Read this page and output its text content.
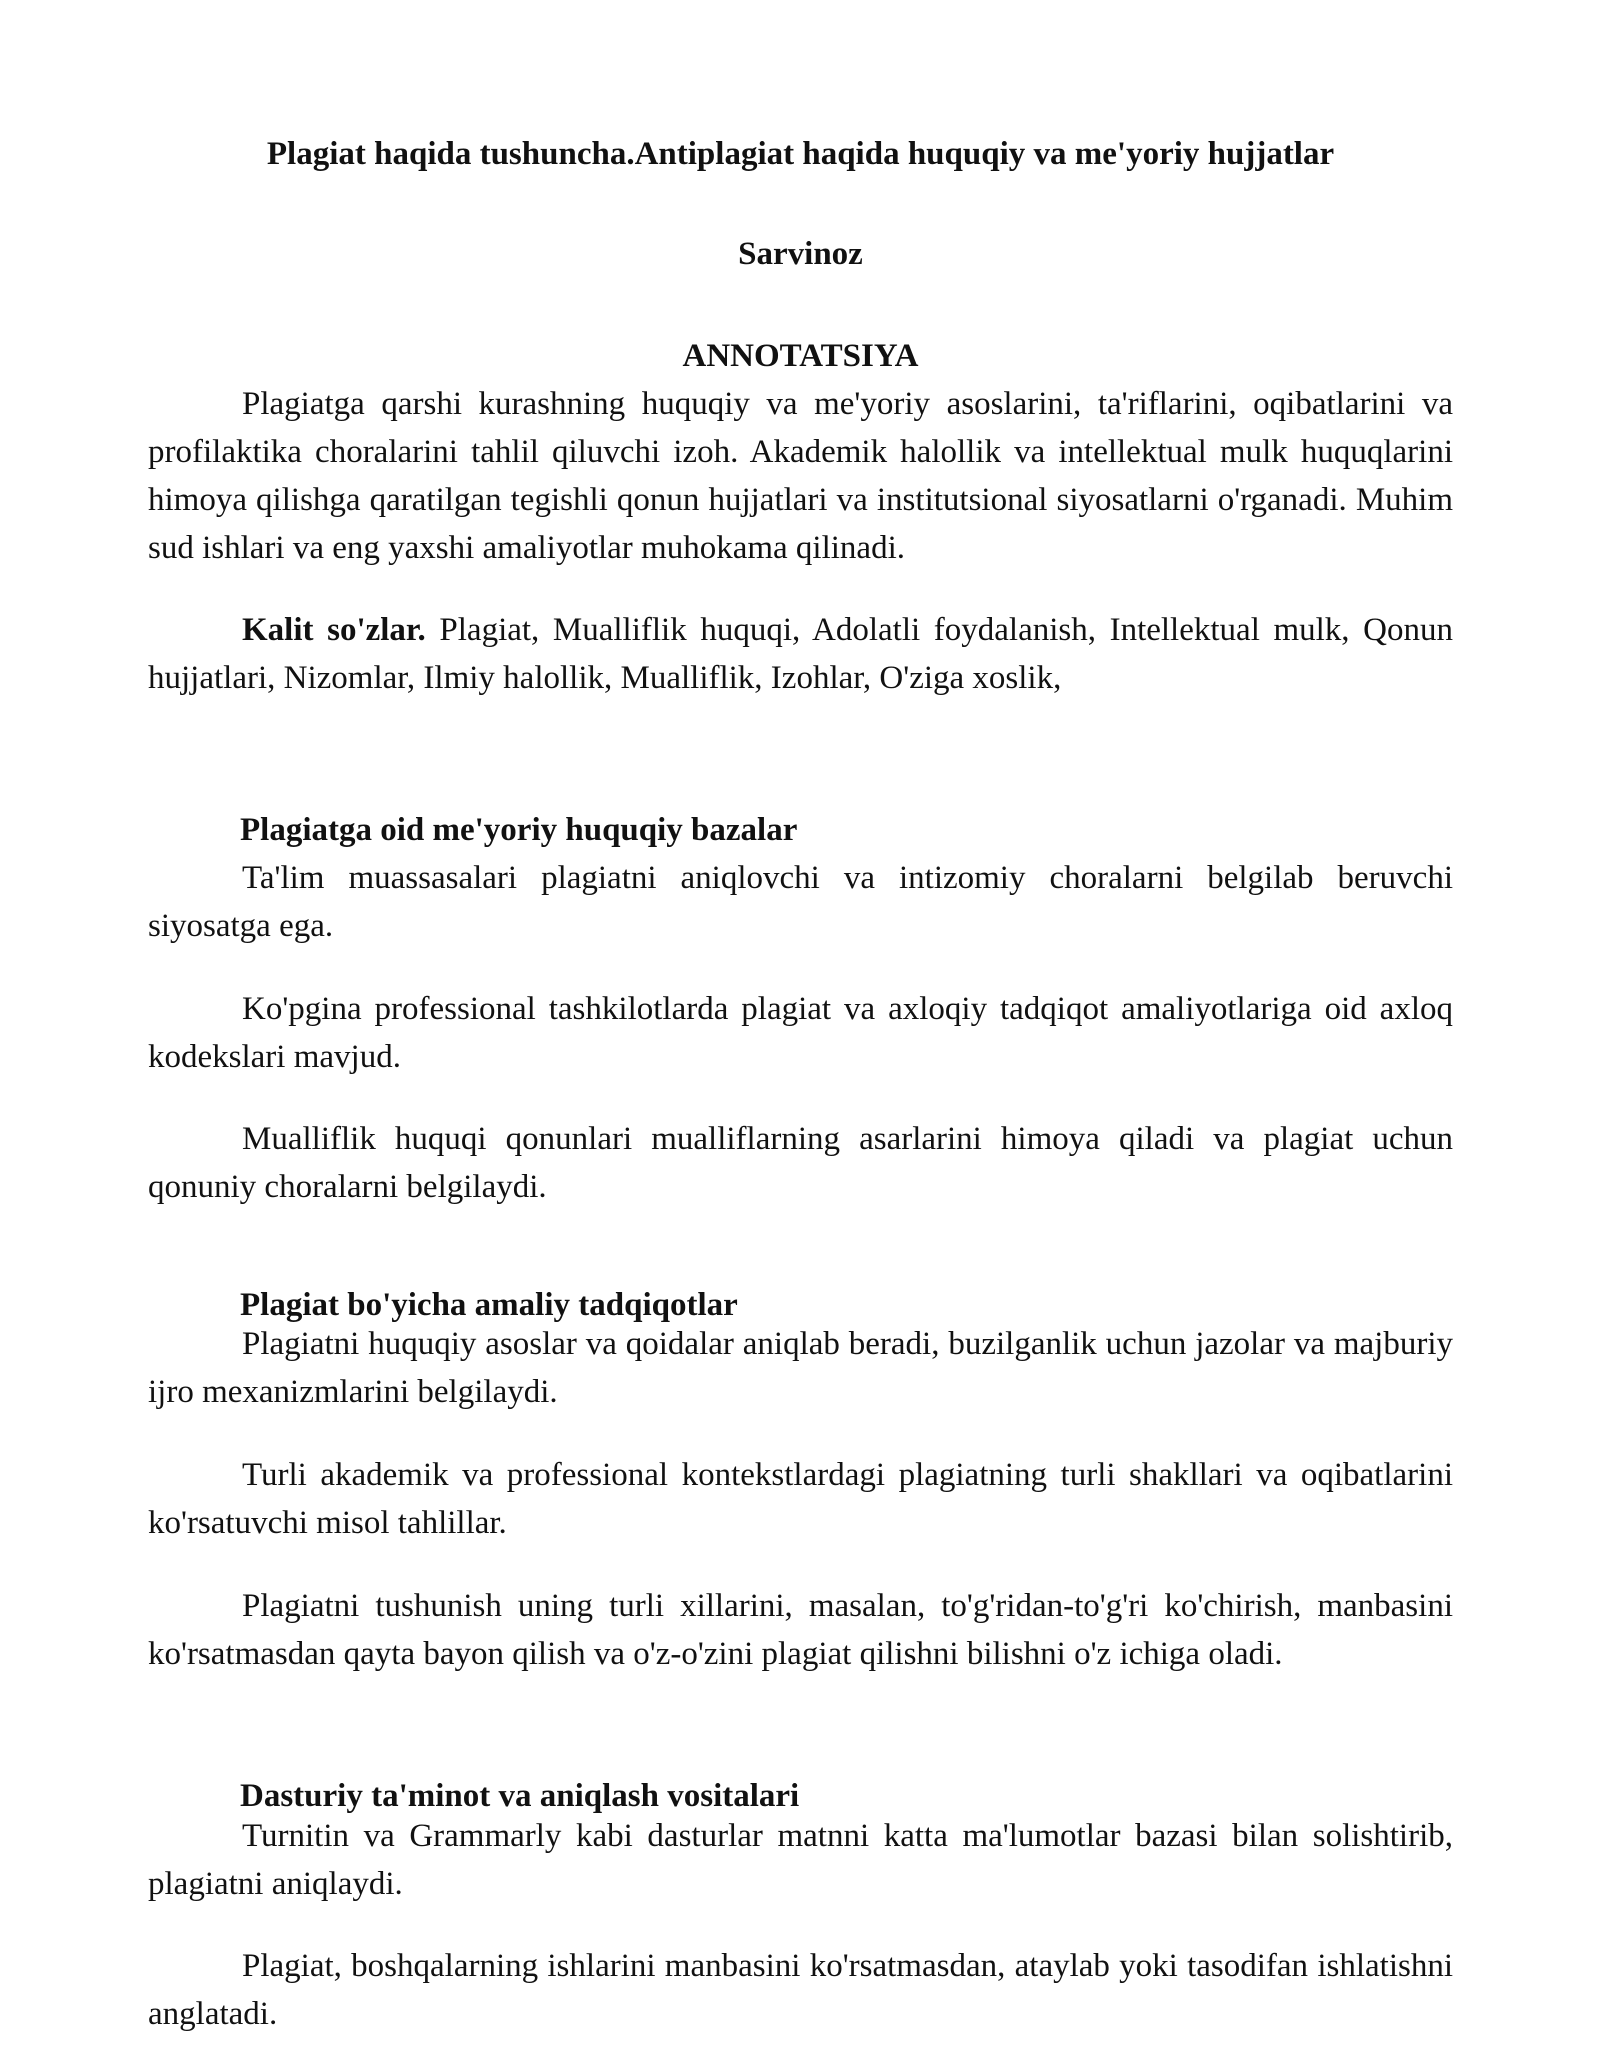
Plagiat haqida tushuncha.Antiplagiat haqida huquqiy va me'yoriy hujjatlar
Sarvinoz
ANNOTATSIYA

Plagiatga qarshi kurashning huquqiy va me'yoriy asoslarini, ta'riflarini, oqibatlarini va profilaktika choralarini tahlil qiluvchi izoh. Akademik halollik va intellektual mulk huquqlarini himoya qilishga qaratilgan tegishli qonun hujjatlari va institutsional siyosatlarni o'rganadi. Muhim sud ishlari va eng yaxshi amaliyotlar muhokama qilinadi.

Kalit so'zlar. Plagiat, Mualliflik huquqi, Adolatli foydalanish, Intellektual mulk, Qonun hujjatlari, Nizomlar, Ilmiy halollik, Mualliflik, Izohlar, O'ziga xoslik,

Plagiatga oid me'yoriy huquqiy bazalar

Ta'lim muassasalari plagiatni aniqlovchi va intizomiy choralarni belgilab beruvchi siyosatga ega.

Ko'pgina professional tashkilotlarda plagiat va axloqiy tadqiqot amaliyotlariga oid axloq kodekslari mavjud.

Mualliflik huquqi qonunlari mualliflarning asarlarini himoya qiladi va plagiat uchun qonuniy choralarni belgilaydi.

Plagiat bo'yicha amaliy tadqiqotlar

Plagiatni huquqiy asoslar va qoidalar aniqlab beradi, buzilganlik uchun jazolar va majburiy ijro mexanizmlarini belgilaydi.

Turli akademik va professional kontekstlardagi plagiatning turli shakllari va oqibatlarini ko'rsatuvchi misol tahlillar.

Plagiatni tushunish uning turli xillarini, masalan, to'g'ridan-to'g'ri ko'chirish, manbasini ko'rsatmasdan qayta bayon qilish va o'z-o'zini plagiat qilishni bilishni o'z ichiga oladi.

Dasturiy ta'minot va aniqlash vositalari

Turnitin va Grammarly kabi dasturlar matnni katta ma'lumotlar bazasi bilan solishtirib, plagiatni aniqlaydi.

Plagiat, boshqalarning ishlarini manbasini ko'rsatmasdan, ataylab yoki tasodifan ishlatishni anglatadi.
